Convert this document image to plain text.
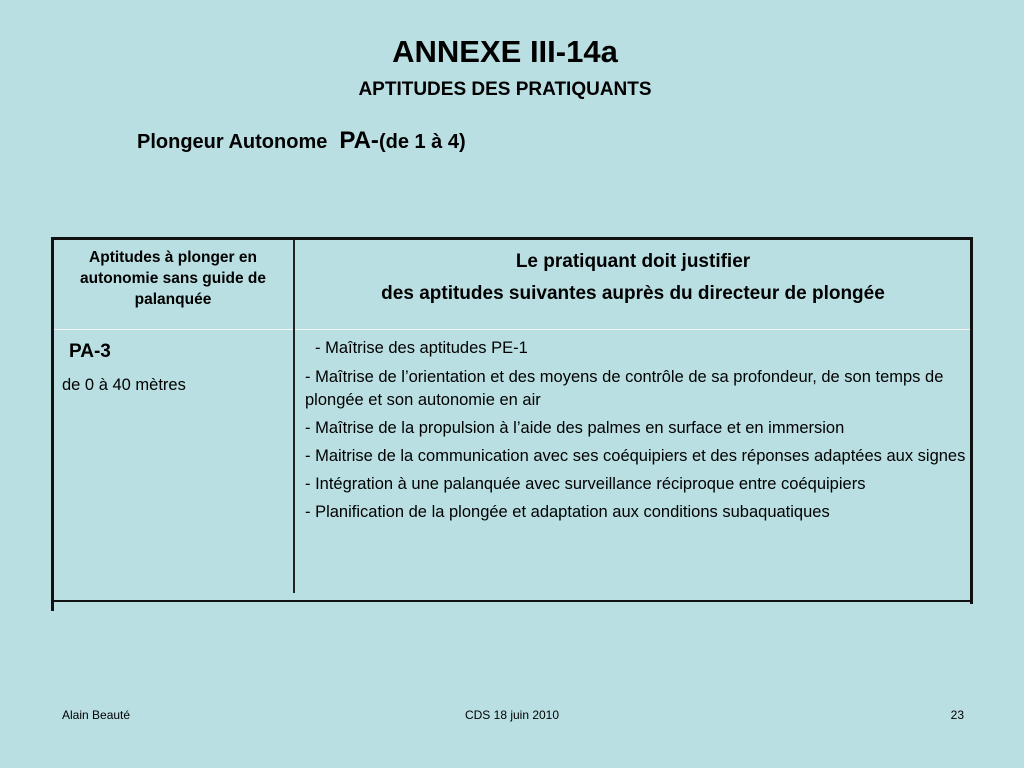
ANNEXE III-14a
APTITUDES DES PRATIQUANTS
Plongeur Autonome PA-(de 1 à 4)
Aptitudes à plonger en autonomie sans guide de palanquée
Le pratiquant doit justifier
des aptitudes suivantes auprès du directeur de plongée
PA-3
de 0 à 40 mètres
- Maîtrise des aptitudes PE-1
- Maîtrise de l’orientation et des moyens de contrôle de sa profondeur, de son temps de plongée et son autonomie en air
- Maîtrise de la propulsion à l’aide des palmes en surface et en immersion
- Maitrise de la communication avec ses coéquipiers et des réponses adaptées aux signes
- Intégration à une palanquée avec surveillance réciproque entre coéquipiers
- Planification de la plongée et adaptation aux conditions subaquatiques
Alain Beauté	CDS 18 juin 2010	23
